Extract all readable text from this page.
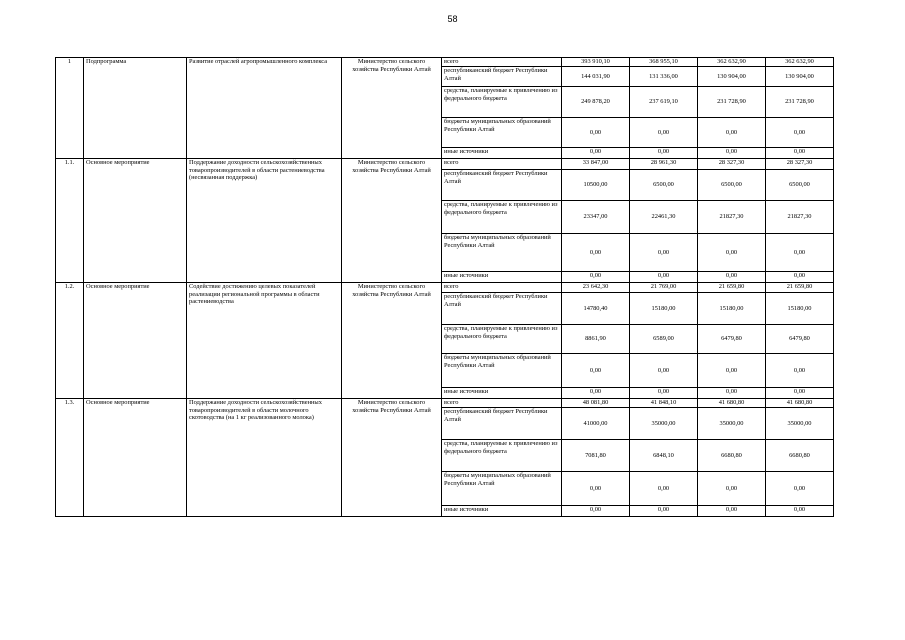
58
1	Подпрограмма	Развитие отраслей агропромышленного комплекса	Министерство сельского хозяйства Республики Алтай	всего	393 910,10	368 955,10	362 632,90	362 632,90
				республиканский бюджет Республики Алтай	144 031,90	131 336,00	130 904,00	130 904,00
				средства, планируемые к привлечению из федерального бюджета	249 878,20	237 619,10	231 728,90	231 728,90
				бюджеты муниципальных образований Республики Алтай	0,00	0,00	0,00	0,00
				иные источники	0,00	0,00	0,00	0,00
1.1.	Основное мероприятие	Поддержание доходности сельскохозяйственных товаропроизводителей в области растениеводства (несвязанная поддержка)	Министерство сельского хозяйства Республики Алтай	всего	33 847,00	28 961,30	28 327,30	28 327,30
				республиканский бюджет Республики Алтай	10500,00	6500,00	6500,00	6500,00
				средства, планируемые к привлечению из федерального бюджета	23347,00	22461,30	21827,30	21827,30
				бюджеты муниципальных образований Республики Алтай	0,00	0,00	0,00	0,00
				иные источники	0,00	0,00	0,00	0,00
1.2.	Основное мероприятие	Содействие достижению целевых показателей реализации региональной программы в области растениеводства	Министерство сельского хозяйства Республики Алтай	всего	23 642,30	21 769,00	21 659,80	21 659,80
				республиканский бюджет Республики Алтай	14780,40	15180,00	15180,00	15180,00
				средства, планируемые к привлечению из федерального бюджета	8861,90	6589,00	6479,80	6479,80
				бюджеты муниципальных образований Республики Алтай	0,00	0,00	0,00	0,00
				иные источники	0,00	0,00	0,00	0,00
1.3.	Основное мероприятие	Поддержание доходности сельскохозяйственных товаропроизводителей в области молочного скотоводства (на 1 кг реализованного молока)	Министерство сельского хозяйства Республики Алтай	всего	48 081,80	41 848,10	41 680,80	41 680,80
				республиканский бюджет Республики Алтай	41000,00	35000,00	35000,00	35000,00
				средства, планируемые к привлечению из федерального бюджета	7081,80	6848,10	6680,80	6680,80
				бюджеты муниципальных образований Республики Алтай	0,00	0,00	0,00	0,00
				иные источники	0,00	0,00	0,00	0,00
